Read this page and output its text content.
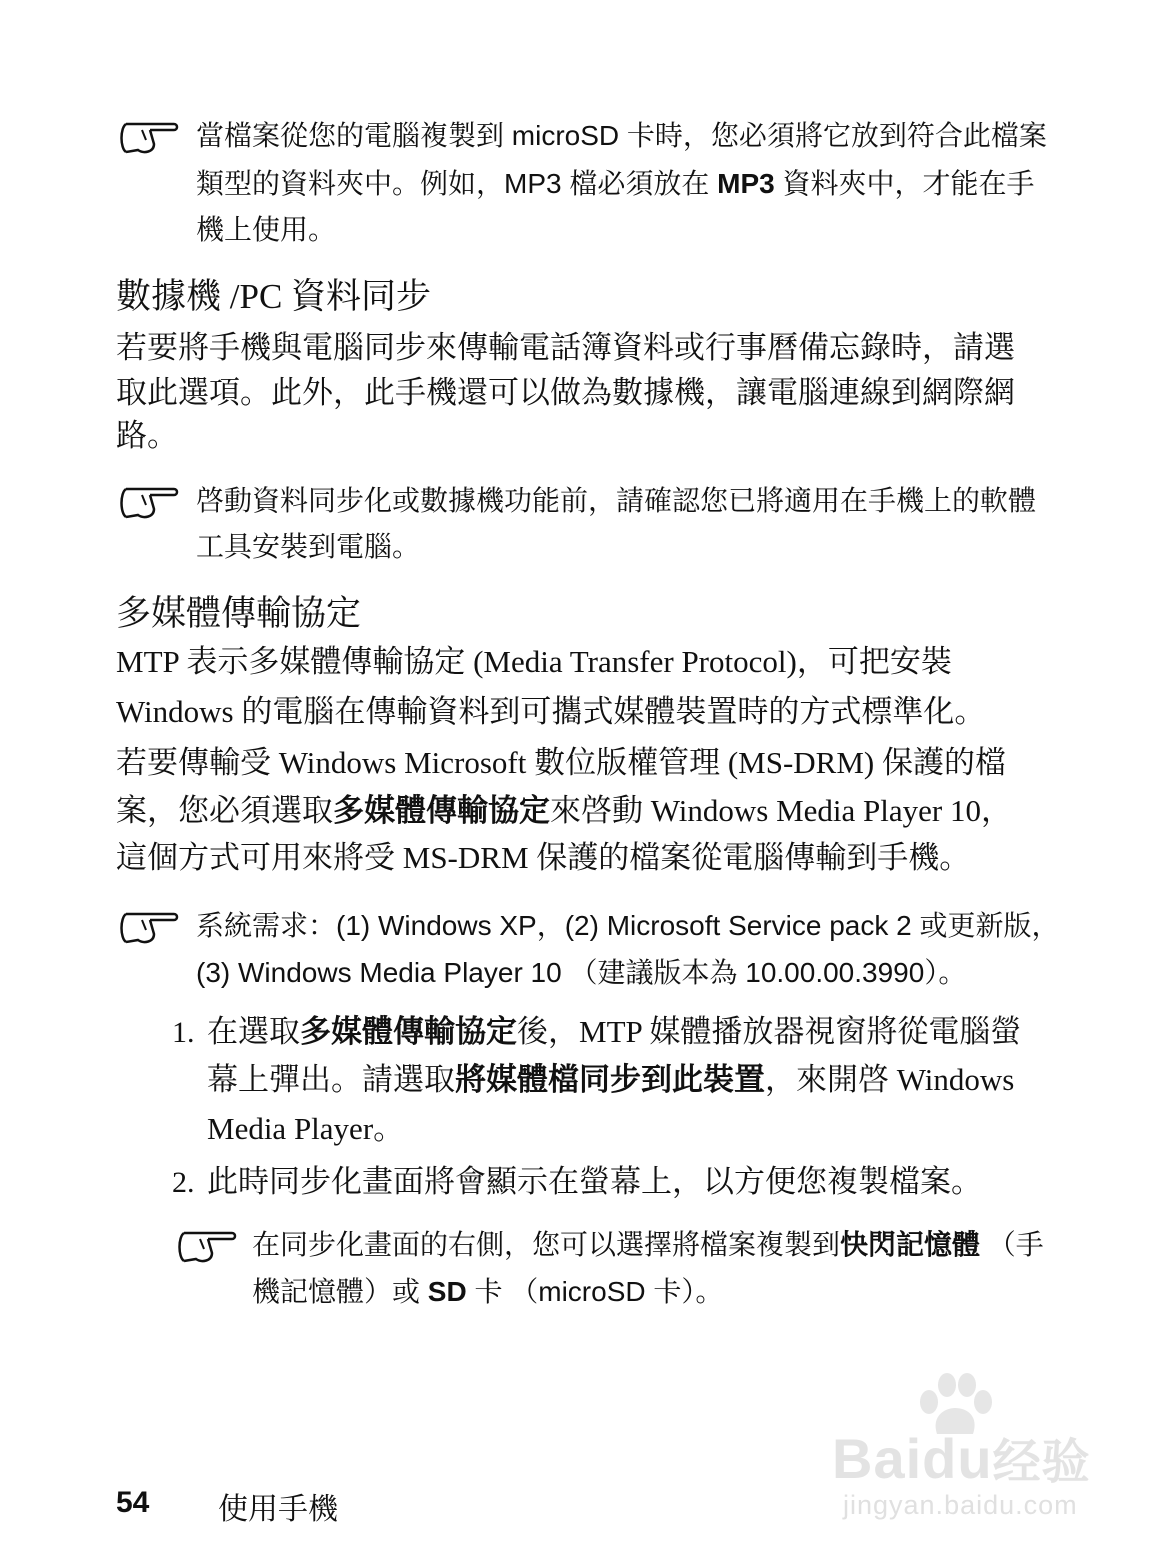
當檔案從您的電腦複製到 microSD 卡時，您必須將它放到符合此檔案
類型的資料夾中。例如，MP3 檔必須放在 MP3 資料夾中，才能在手
機上使用。
數據機 /PC 資料同步
若要將手機與電腦同步來傳輸電話簿資料或行事曆備忘錄時，請選
取此選項。此外，此手機還可以做為數據機，讓電腦連線到網際網
路。
啓動資料同步化或數據機功能前，請確認您已將適用在手機上的軟體
工具安裝到電腦。
多媒體傳輸協定
MTP 表示多媒體傳輸協定 (Media Transfer Protocol)，可把安裝
Windows 的電腦在傳輸資料到可攜式媒體裝置時的方式標準化。
若要傳輸受 Windows Microsoft 數位版權管理 (MS-DRM) 保護的檔
案，您必須選取多媒體傳輸協定來啓動 Windows Media Player 10，
這個方式可用來將受 MS-DRM 保護的檔案從電腦傳輸到手機。
系統需求：(1) Windows XP，(2) Microsoft Service pack 2 或更新版，
(3) Windows Media Player 10 （建議版本為 10.00.00.3990）。
1. 在選取多媒體傳輸協定後，MTP 媒體播放器視窗將從電腦螢
幕上彈出。請選取將媒體檔同步到此裝置，來開啓 Windows
Media Player。
2. 此時同步化畫面將會顯示在螢幕上，以方便您複製檔案。
在同步化畫面的右側，您可以選擇將檔案複製到快閃記憶體 （手
機記憶體）或 SD 卡 （microSD 卡）。
Baidu经验
jingyan.baidu.com
54 使用手機
